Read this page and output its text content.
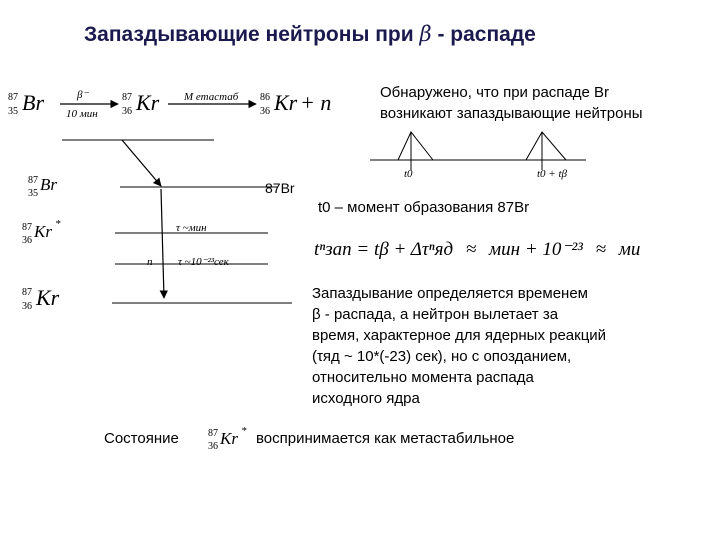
Запаздывающие нейтроны при β - распаде
87
35 Br	β⁻
10 мин
87
36 Kr М етастаб 86
36 Kr + n
87
35 Br	87Br
87
36 Kr *	τ ~мин
n τ ~10⁻²³сек
87
36 Kr
Обнаружено, что при распаде Br
возникают запаздывающие нейтроны
t0	t0 + tβ
t0 – момент образования 87Br
tⁿзап = tβ + Δτⁿяд ≈ мин + 10⁻²³ ≈ ми
Запаздывание определяется временем
β - распада, а нейтрон вылетает за
время, характерное для ядерных реакций
(τяд ~ 10*(-23) сек), но с опозданием,
относительно момента распада
исходного ядра
Состояние	87
36 Kr * воспринимается как метастабильное
